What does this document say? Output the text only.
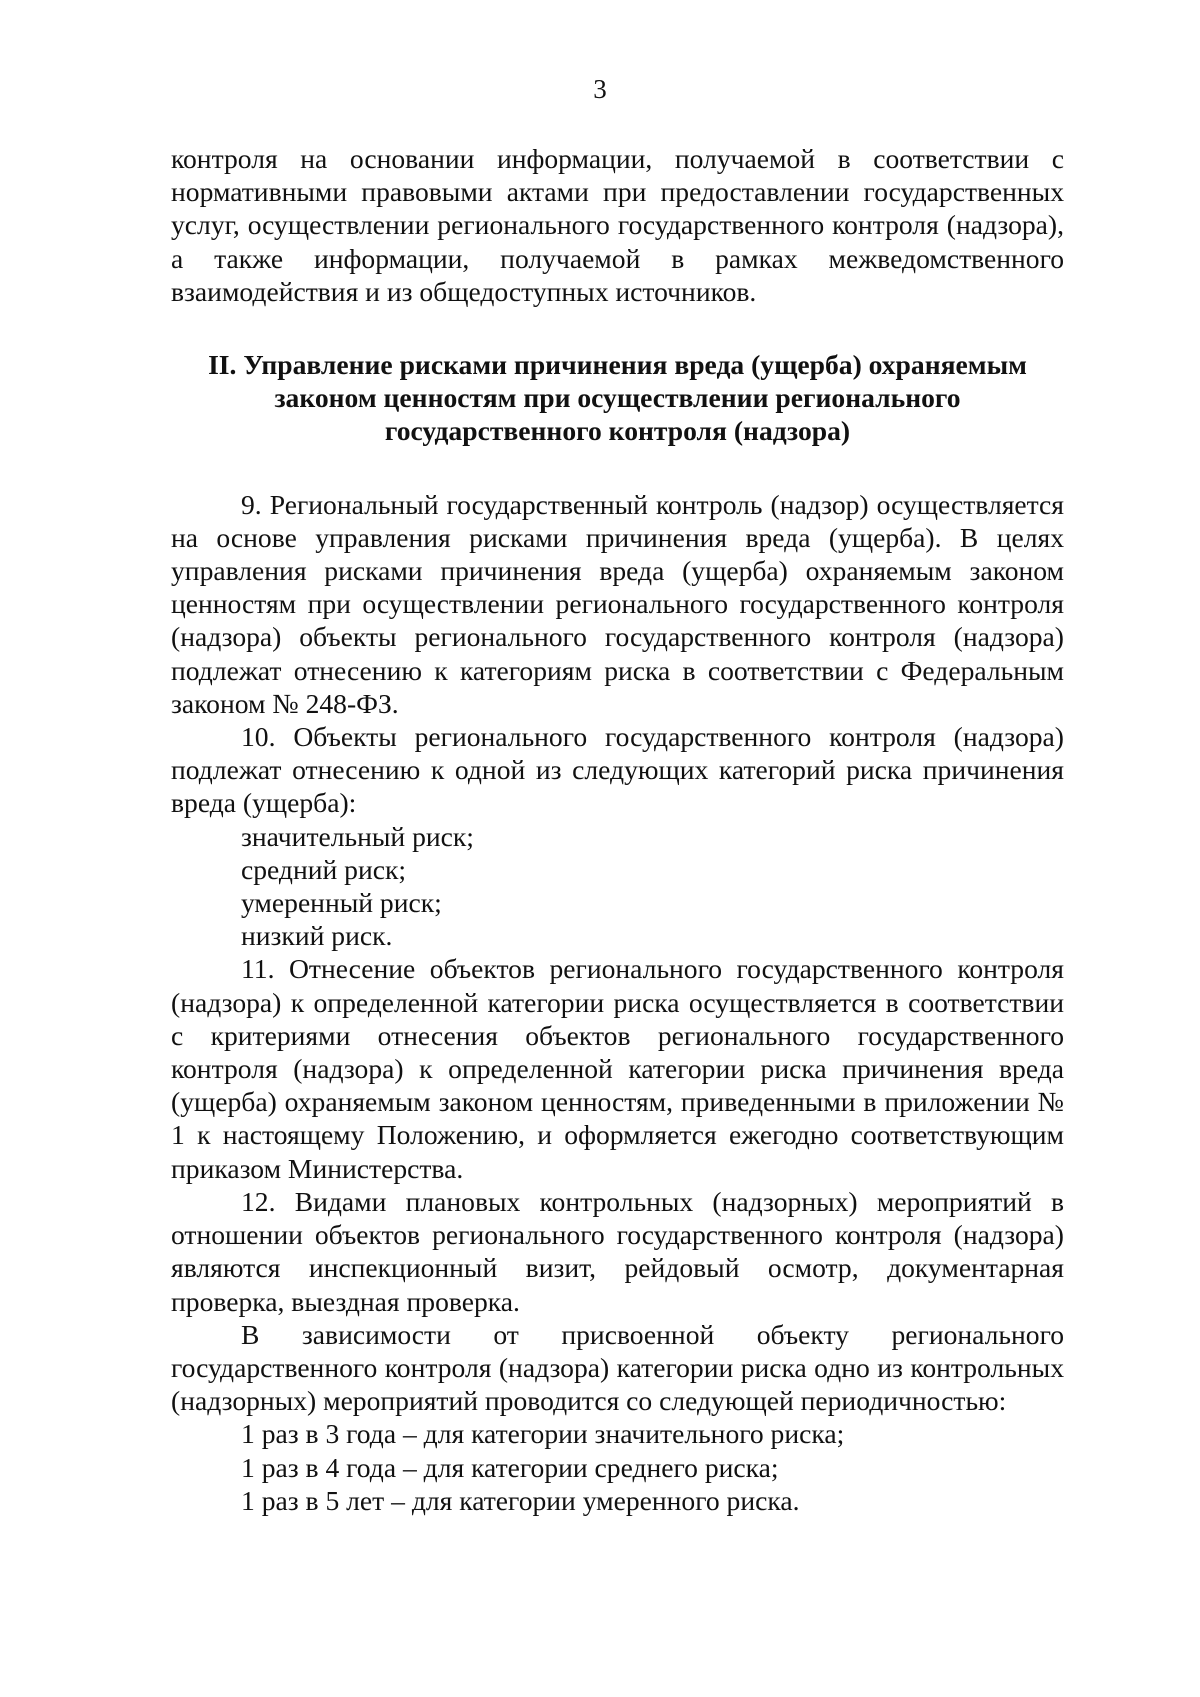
3

контроля на основании информации, получаемой в соответствии с нормативными правовыми актами при предоставлении государственных услуг, осуществлении регионального государственного контроля (надзора), а также информации, получаемой в рамках межведомственного взаимодействия и из общедоступных источников.

II. Управление рисками причинения вреда (ущерба) охраняемым
законом ценностям при осуществлении регионального
государственного контроля (надзора)

9. Региональный государственный контроль (надзор) осуществляется на основе управления рисками причинения вреда (ущерба). В целях управления рисками причинения вреда (ущерба) охраняемым законом ценностям при осуществлении регионального государственного контроля (надзора) объекты регионального государственного контроля (надзора) подлежат отнесению к категориям риска в соответствии с Федеральным законом № 248-ФЗ.

10. Объекты регионального государственного контроля (надзора) подлежат отнесению к одной из следующих категорий риска причинения вреда (ущерба):

значительный риск;

средний риск;

умеренный риск;

низкий риск.

11. Отнесение объектов регионального государственного контроля (надзора) к определенной категории риска осуществляется в соответствии с критериями отнесения объектов регионального государственного контроля (надзора) к определенной категории риска причинения вреда (ущерба) охраняемым законом ценностям, приведенными в приложении № 1 к настоящему Положению, и оформляется ежегодно соответствующим приказом Министерства.

12. Видами плановых контрольных (надзорных) мероприятий в отношении объектов регионального государственного контроля (надзора) являются инспекционный визит, рейдовый осмотр, документарная проверка, выездная проверка.

В зависимости от присвоенной объекту регионального государственного контроля (надзора) категории риска одно из контрольных (надзорных) мероприятий проводится со следующей периодичностью:

1 раз в 3 года – для категории значительного риска;

1 раз в 4 года – для категории среднего риска;

1 раз в 5 лет – для категории умеренного риска.
